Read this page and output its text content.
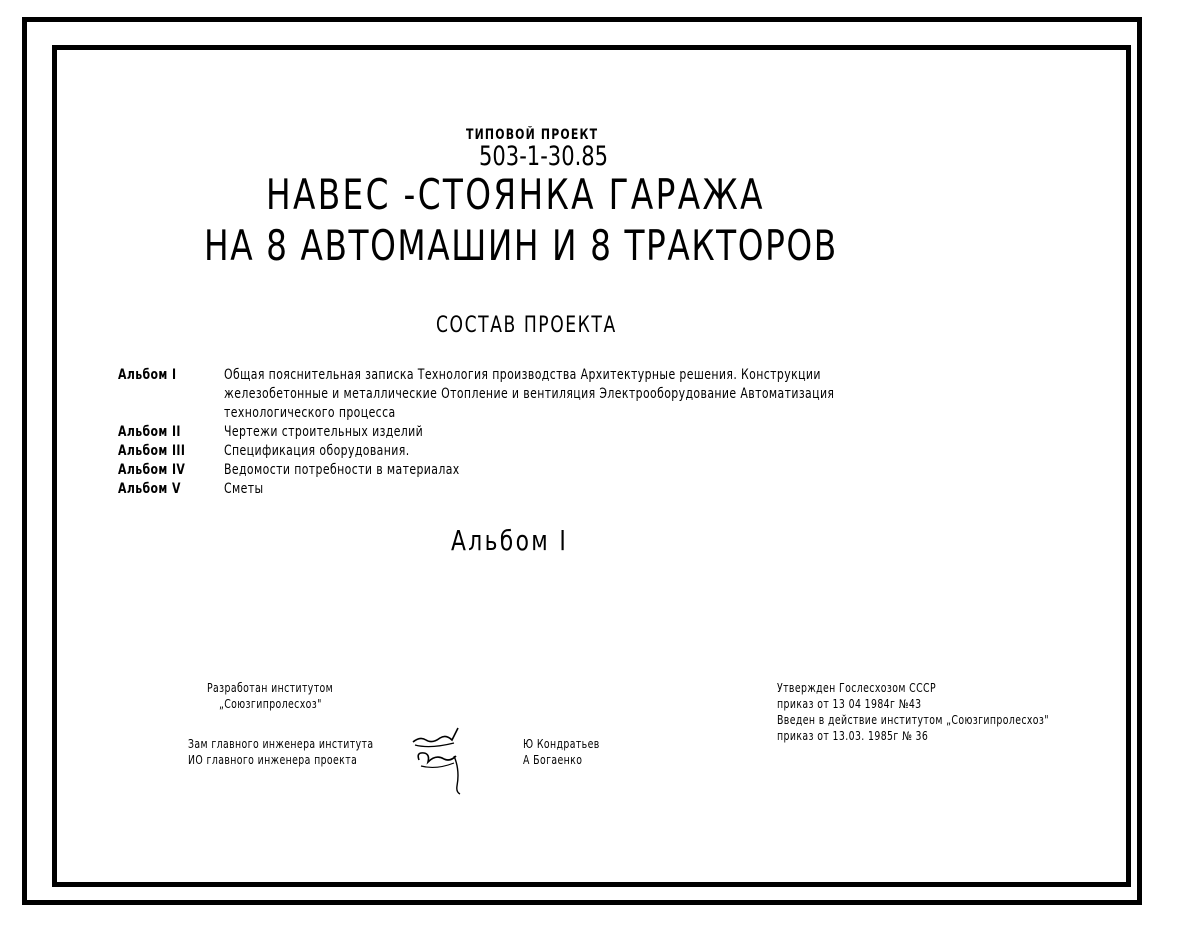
ТИПОВОЙ ПРОЕКТ
503-1-30.85
НАВЕС -СТОЯНКА ГАРАЖА
НА 8 АВТОМАШИН И 8 ТРАКТОРОВ
СОСТАВ ПРОЕКТА
Альбом I	Общая пояснительная записка Технология производства Архитектурные решения. Конструкции
железобетонные и металлические Отопление и вентиляция Электрооборудование Автоматизация
технологического процесса
Альбом II	Чертежи строительных изделий
Альбом III	Спецификация оборудования.
Альбом IV	Ведомости потребности в материалах
Альбом V	Сметы
Альбом I
Разработан институтом
„Союзгипролесхоз"
Зам главного инженера института
ИО главного инженера проекта
Ю Кондратьев
А Богаенко
Утвержден Гослесхозом СССР
приказ от 13 04 1984г №43
Введен в действие институтом „Союзгипролесхоз"
приказ от 13.03. 1985г № 36
